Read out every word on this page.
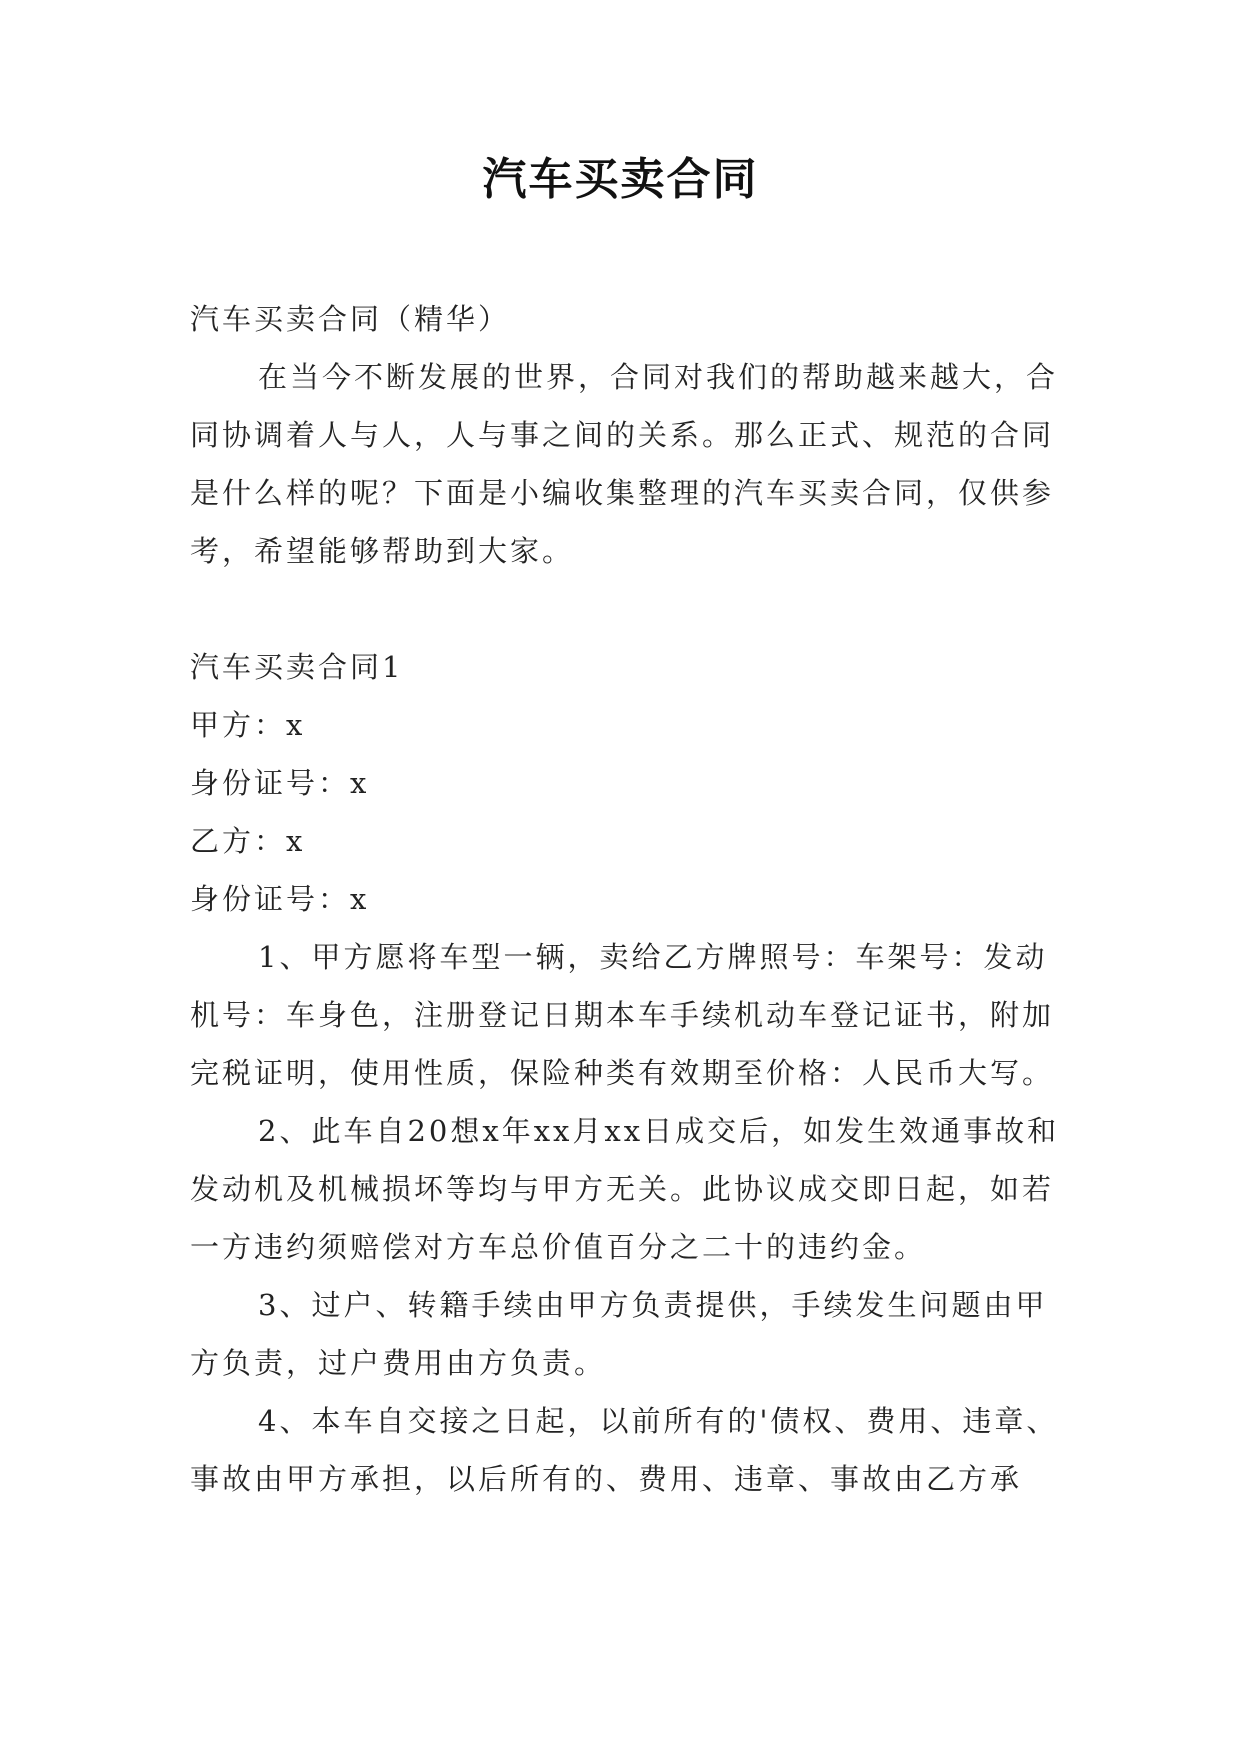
汽车买卖合同

汽车买卖合同（精华）

在当今不断发展的世界，合同对我们的帮助越来越大，合同协调着人与人，人与事之间的关系。那么正式、规范的合同是什么样的呢？下面是小编收集整理的汽车买卖合同，仅供参考，希望能够帮助到大家。

汽车买卖合同1

甲方：x

身份证号：x

乙方：x

身份证号：x

1、甲方愿将车型一辆，卖给乙方牌照号：车架号：发动机号：车身色，注册登记日期本车手续机动车登记证书，附加完税证明，使用性质，保险种类有效期至价格：人民币大写。

2、此车自20想x年xx月xx日成交后，如发生效通事故和发动机及机械损坏等均与甲方无关。此协议成交即日起，如若一方违约须赔偿对方车总价值百分之二十的违约金。

3、过户、转籍手续由甲方负责提供，手续发生问题由甲方负责，过户费用由方负责。

4、本车自交接之日起，以前所有的'债权、费用、违章、事故由甲方承担，以后所有的、费用、违章、事故由乙方承
